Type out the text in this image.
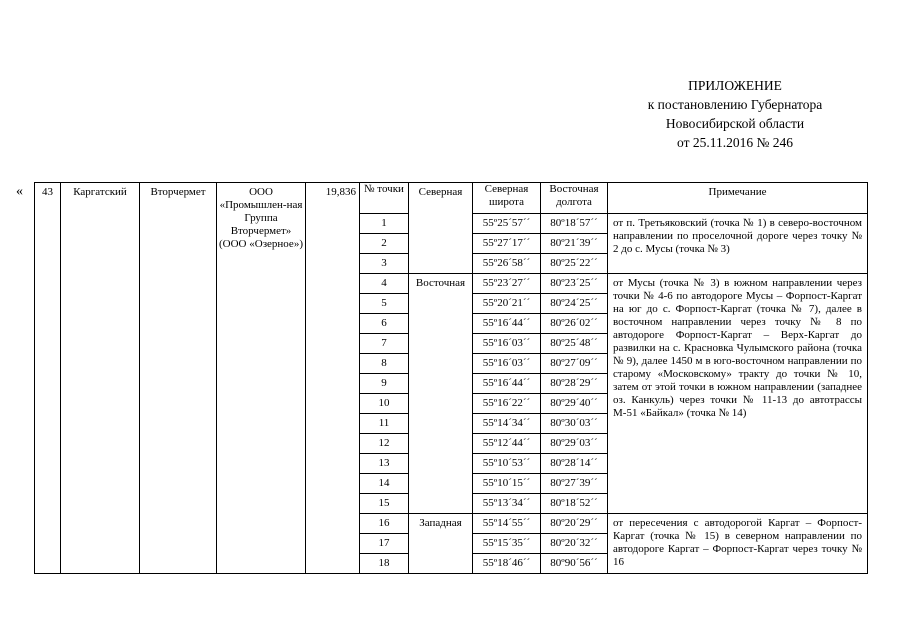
ПРИЛОЖЕНИЕ
к постановлению Губернатора
Новосибирской области
от 25.11.2016 № 246
« 43	Каргатский	Вторчермет	ООО «Промышлен-ная Группа Вторчермет» (ООО «Озерное»)	19,836	№ точки	Северная	Северная широта	Восточная долгота	Примечание
					1		55º25´57´´	80º18´57´´	от п. Третьяковский (точка № 1) в северо-восточном направлении по проселочной дороге через точку № 2 до с. Мусы (точка № 3)
					2		55º27´17´´	80º21´39´´	
					3		55º26´58´´	80º25´22´´	
					4	Восточная	55º23´27´´	80º23´25´´	от Мусы (точка № 3) в южном направлении через точки № 4-6 по автодороге Мусы – Форпост-Каргат на юг до с. Форпост-Каргат (точка № 7), далее в восточном направлении через точку № 8 по автодороге Форпост-Каргат – Верх-Каргат до развилки на с. Красновка Чулымского района (точка № 9), далее 1450 м в юго-восточном направлении по старому «Московскому» тракту до точки № 10, затем от этой точки в южном направлении (западнее оз. Канкуль) через точки № 11-13 до автотрассы М-51 «Байкал» (точка № 14)
					5		55º20´21´´	80º24´25´´	
					6		55º16´44´´	80º26´02´´	
					7		55º16´03´´	80º25´48´´	
					8		55º16´03´´	80º27´09´´	
					9		55º16´44´´	80º28´29´´	
					10		55º16´22´´	80º29´40´´	
					11		55º14´34´´	80º30´03´´	
					12		55º12´44´´	80º29´03´´	
					13		55º10´53´´	80º28´14´´	
					14		55º10´15´´	80º27´39´´	
					15		55º13´34´´	80º18´52´´	
					16	Западная	55º14´55´´	80º20´29´´	от пересечения с автодорогой Каргат – Форпост-Каргат (точка № 15) в северном направлении по автодороге Каргат – Форпост-Каргат через точку № 16
					17		55º15´35´´	80º20´32´´	
					18		55º18´46´´	80º90´56´´	
